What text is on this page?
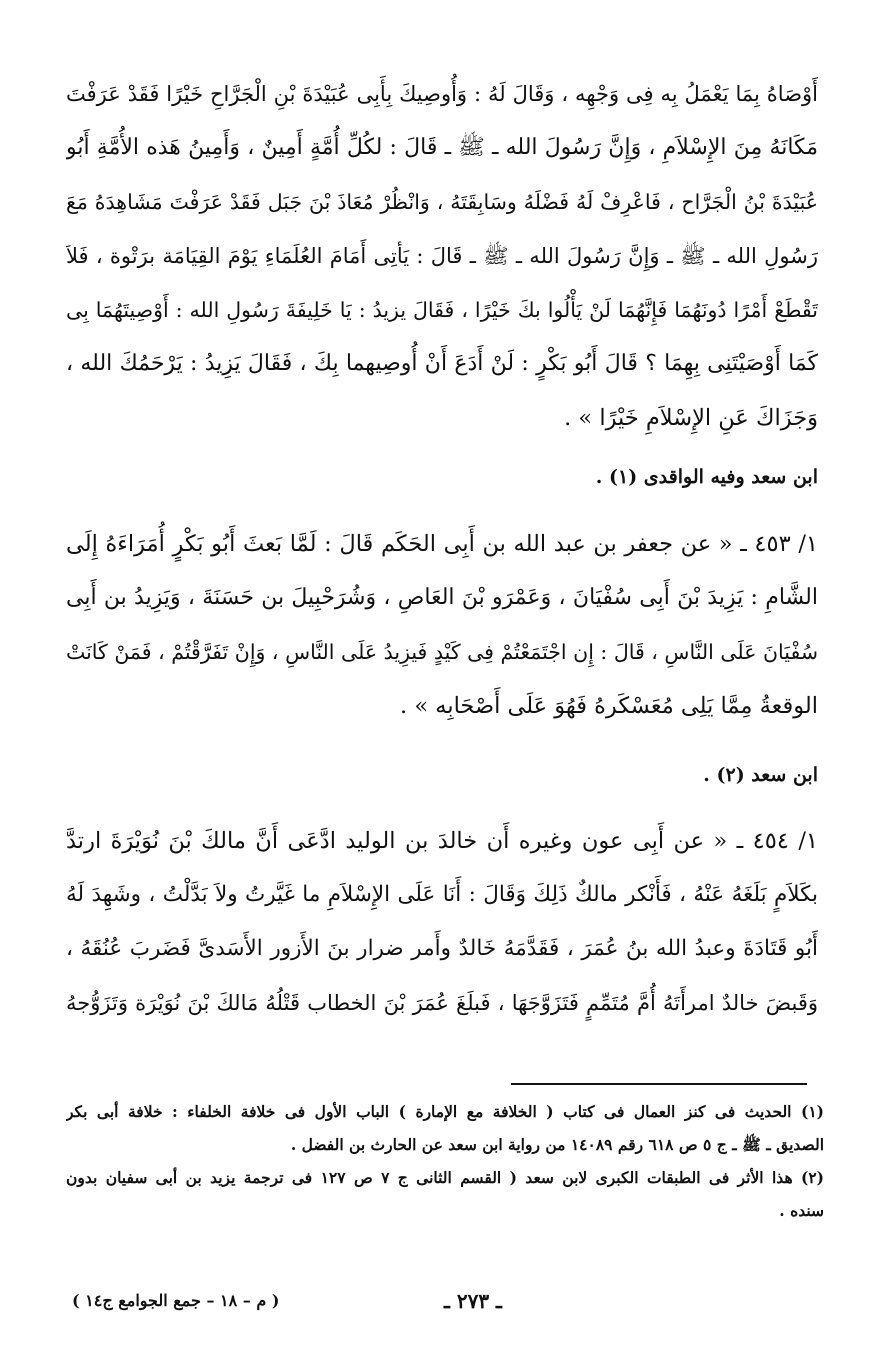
أَوْصَاهُ بِمَا يَعْمَلُ بِه فِى وَجْهِه ، وَقَالَ لَهُ : وَأُوصِيكَ بِأَبِى عُبَيْدَةَ بْنِ الْجَرَّاحِ خَيْرًا فَقَدْ عَرَفْتَ
مَكَانَهُ مِنَ الإِسْلاَمِ ، وَإِنَّ رَسُولَ الله ـ ﷺ ـ قَالَ : لكُلِّ أُمَّةٍ أَمِينٌ ، وَأَمِينُ هَذه الأُمَّةِ أَبُو
عُبَيْدَةَ بْنُ الْجَرَّاح ، فَاعْرِفْ لَهُ فَضْلَهُ وسَابِقَتَهُ ، وَانْظُرْ مُعَاذَ بْنَ جَبَل فَقَدْ عَرَفْتَ مَشَاهِدَهُ مَعَ
رَسُولِ الله ـ ﷺ ـ وَإِنَّ رَسُولَ الله ـ ﷺ ـ قَالَ : يَأتِى أَمَامَ العُلَمَاءِ يَوْمَ القِيَامَة برَتْوة ، فَلاَ
تَقْطَعْ أَمْرًا دُونَهُمَا فَإِنَّهُمَا لَنْ يَأْلُوا بكَ خَيْرًا ، فَقَالَ يزيدُ : يَا خَلِيفَةَ رَسُولِ الله : أَوْصِيتَهُمَا بِى
كَمَا أَوْصَيْتَنِى بِهِمَا ؟ قَالَ أَبُو بَكْرٍ : لَنْ أَدَعَ أَنْ أُوصِيهما بِكَ ، فَقَالَ يَزِيدُ : يَرْحَمُكَ الله ،
وَجَزَاكَ عَنِ الإِسْلاَمِ خَيْرًا » .
ابن سعد وفيه الواقدى (١) .
١/ ٤٥٣ ـ « عن جعفر بن عبد الله بن أَبِى الحَكَم قَالَ : لَمَّا بَعثَ أَبُو بَكْرٍ أُمَرَاءَهُ إِلَى
الشَّامِ : يَزِيدَ بْنَ أَبِى سُفْيَانَ ، وَعَمْرَو بْنَ العَاصِ ، وَشُرَحْبِيلَ بن حَسَنَةَ ، وَيَزِيدُ بن أَبِى
سُفْيَانَ عَلَى النَّاسِ ، قَالَ : إِن اجْتَمَعْتُمْ فِى كَيْدٍ فَيزِيدُ عَلَى النَّاسِ ، وَإِنْ تَفَرَّقْتُمْ ، فَمَنْ كَانَتْ
الوقعةُ مِمَّا يَلِى مُعَسْكَرهُ فَهُوَ عَلَى أَصْحَابِه » .
ابن سعد (٢) .
١/ ٤٥٤ ـ « عن أَبِى عون وغيره أَن خالدَ بن الوليد ادَّعَى أَنَّ مالكَ بْنَ نُوَيْرَةَ ارتدَّ
بكَلاَمٍ بَلَغَهُ عَنْهُ ، فَأَنْكر مالكٌ ذَلِكَ وَقَالَ : أَنَا عَلَى الإِسْلاَمِ ما غَيَّرتُ ولاَ بَدَّلْتُ ، وشَهِدَ لَهُ
أَبُو قَتَادَةَ وعبدُ الله بنُ عُمَرَ ، فَقَدَّمَهُ خَالدٌ وأَمر ضرار بنَ الأَزور الأَسَدىَّ فَضَربَ عُنُقَهُ ،
وَقَبضَ خالدٌ امرأَتَهُ أُمَّ مُتَمِّمٍ فَتَزَوَّجَهَا ، فَبلَغَ عُمَرَ بْنَ الخطاب قَتْلُهُ مَالكَ بْنَ نُوَيْرَة وَتَزَوُّجهُ
(١) الحديث فى كنز العمال فى كتاب ( الخلافة مع الإمارة ) الباب الأول فى خلافة الخلفاء : خلافة أبى بكر
الصديق ـ ﷺ ـ ج ٥ ص ٦١٨ رقم ١٤٠٨٩ من رواية ابن سعد عن الحارث بن الفضل .
(٢) هذا الأثر فى الطبقات الكبرى لابن سعد ( القسم الثانى ج ٧ ص ١٢٧ فى ترجمة يزيد بن أبى سفيان بدون
سنده .
ـ ٢٧٣ ـ
( م – ١٨ – جمع الجوامع ج١٤ )
